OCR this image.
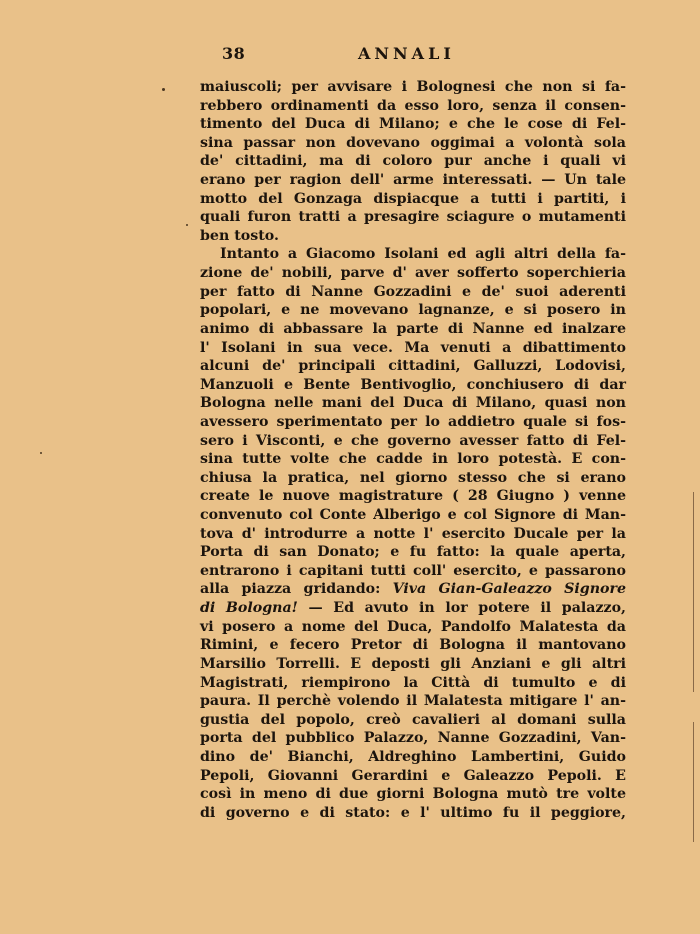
38	ANNALI
maiuscoli; per avvisare i Bolognesi che non si fa-
rebbero ordinamenti da esso loro, senza il consen-
timento del Duca di Milano; e che le cose di Fel-
sina passar non dovevano oggimai a volontà sola
de' cittadini, ma di coloro pur anche i quali vi
erano per ragion dell' arme interessati. — Un tale
motto del Gonzaga dispiacque a tutti i partiti, i
quali furon tratti a presagire sciagure o mutamenti
ben tosto.
Intanto a Giacomo Isolani ed agli altri della fa-
zione de' nobili, parve d' aver sofferto soperchieria
per fatto di Nanne Gozzadini e de' suoi aderenti
popolari, e ne movevano lagnanze, e si posero in
animo di abbassare la parte di Nanne ed inalzare
l' Isolani in sua vece. Ma venuti a dibattimento
alcuni de' principali cittadini, Galluzzi, Lodovisi,
Manzuoli e Bente Bentivoglio, conchiusero di dar
Bologna nelle mani del Duca di Milano, quasi non
avessero sperimentato per lo addietro quale si fos-
sero i Visconti, e che governo avesser fatto di Fel-
sina tutte volte che cadde in loro potestà. E con-
chiusa la pratica, nel giorno stesso che si erano
create le nuove magistrature ( 28 Giugno ) venne
convenuto col Conte Alberigo e col Signore di Man-
tova d' introdurre a notte l' esercito Ducale per la
Porta di san Donato; e fu fatto: la quale aperta,
entrarono i capitani tutti coll' esercito, e passarono
alla piazza gridando: Viva Gian-Galeazzo Signore
di Bologna! — Ed avuto in lor potere il palazzo,
vi posero a nome del Duca, Pandolfo Malatesta da
Rimini, e fecero Pretor di Bologna il mantovano
Marsilio Torrelli. E deposti gli Anziani e gli altri
Magistrati, riempirono la Città di tumulto e di
paura. Il perchè volendo il Malatesta mitigare l' an-
gustia del popolo, creò cavalieri al domani sulla
porta del pubblico Palazzo, Nanne Gozzadini, Van-
dino de' Bianchi, Aldreghino Lambertini, Guido
Pepoli, Giovanni Gerardini e Galeazzo Pepoli. E
così in meno di due giorni Bologna mutò tre volte
di governo e di stato: e l' ultimo fu il peggiore,
